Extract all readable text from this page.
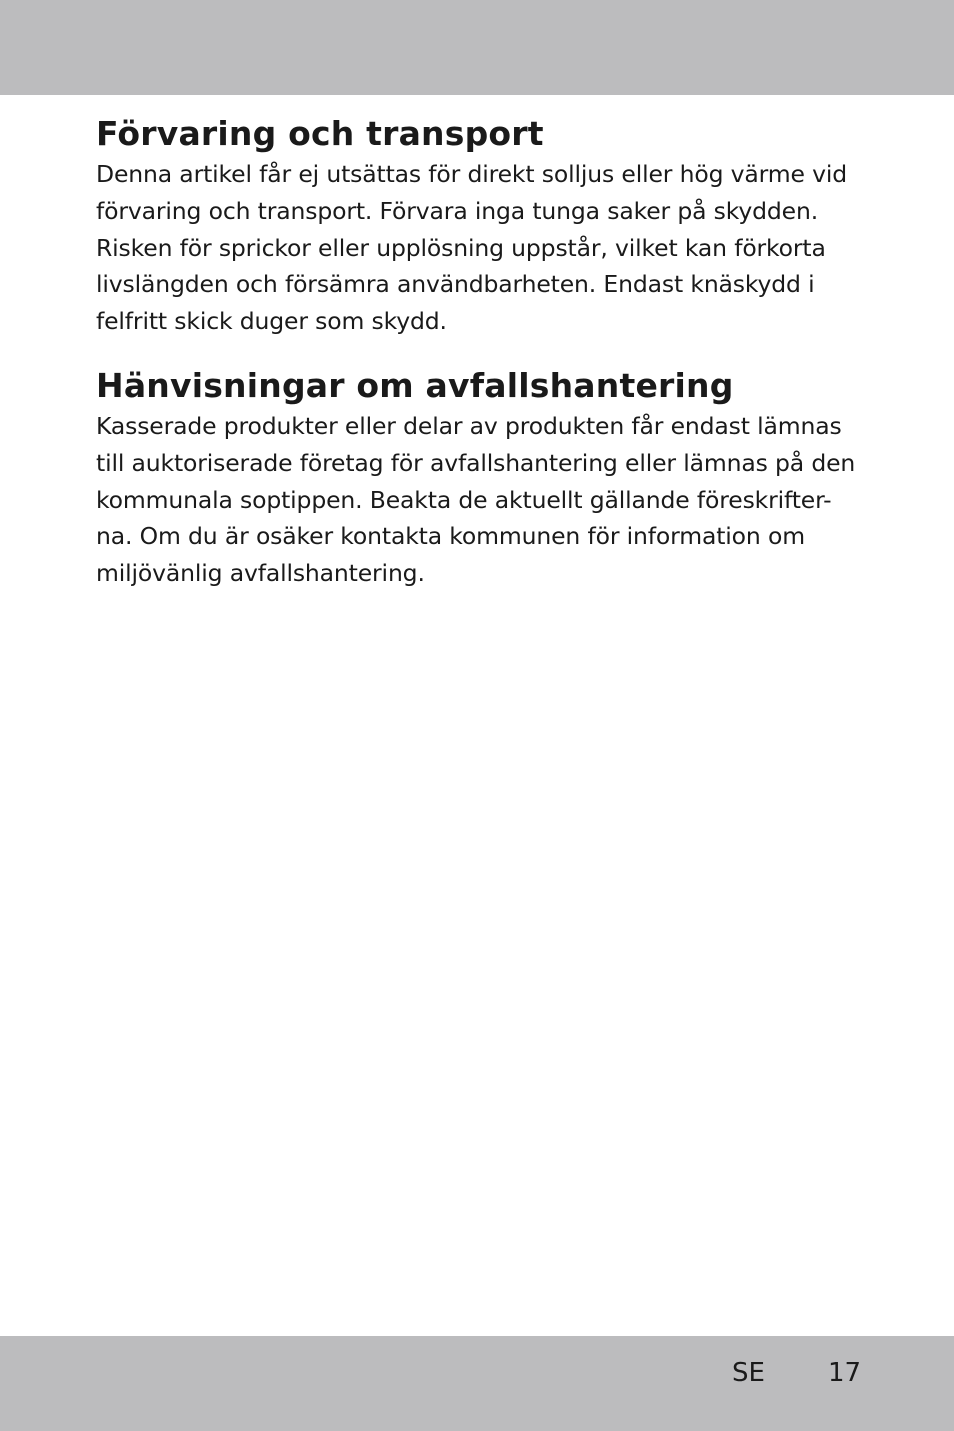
Förvaring och transport

Denna artikel får ej utsättas för direkt solljus eller hög värme vid
förvaring och transport. Förvara inga tunga saker på skydden.
Risken för sprickor eller upplösning uppstår, vilket kan förkorta
livslängden och försämra användbarheten. Endast knäskydd i
felfritt skick duger som skydd.

Hänvisningar om avfallshantering

Kasserade produkter eller delar av produkten får endast lämnas
till auktoriserade företag för avfallshantering eller lämnas på den
kommunala soptippen. Beakta de aktuellt gällande föreskrifter-
na. Om du är osäker kontakta kommunen för information om
miljövänlig avfallshantering.

SE 17
